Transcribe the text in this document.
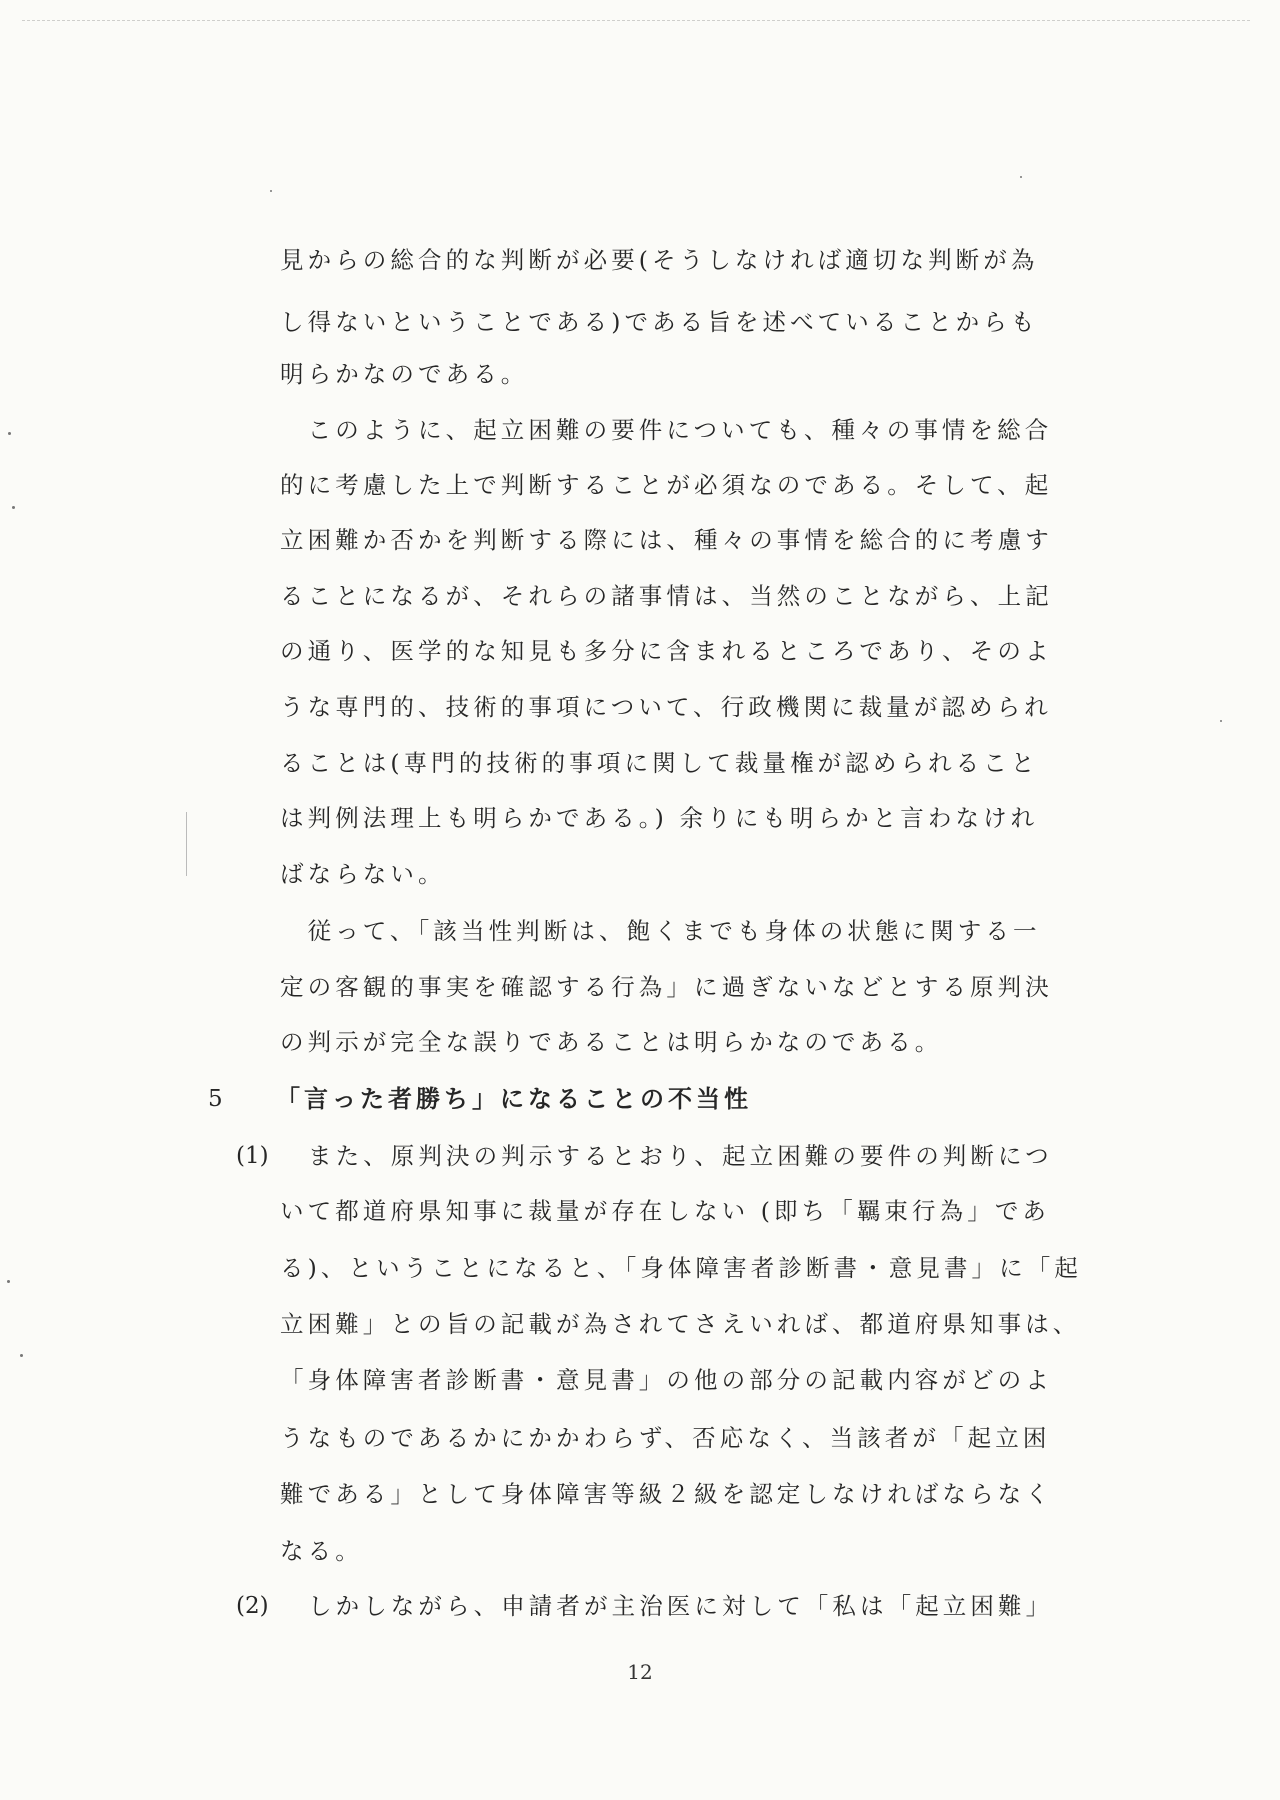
見からの総合的な判断が必要(そうしなければ適切な判断が為
し得ないということである)である旨を述べていることからも
明らかなのである。
　このように、起立困難の要件についても、種々の事情を総合
的に考慮した上で判断することが必須なのである。そして、起
立困難か否かを判断する際には、種々の事情を総合的に考慮す
ることになるが、それらの諸事情は、当然のことながら、上記
の通り、医学的な知見も多分に含まれるところであり、そのよ
うな専門的、技術的事項について、行政機関に裁量が認められ
ることは(専門的技術的事項に関して裁量権が認められること
は判例法理上も明らかである。) 余りにも明らかと言わなけれ
ばならない。
　従って、「該当性判断は、飽くまでも身体の状態に関する一
定の客観的事実を確認する行為」に過ぎないなどとする原判決
の判示が完全な誤りであることは明らかなのである。
5 「言った者勝ち」になることの不当性
(1) また、原判決の判示するとおり、起立困難の要件の判断につ
いて都道府県知事に裁量が存在しない (即ち「羈束行為」であ
る)、ということになると、「身体障害者診断書・意見書」に「起
立困難」との旨の記載が為されてさえいれば、都道府県知事は、
「身体障害者診断書・意見書」の他の部分の記載内容がどのよ
うなものであるかにかかわらず、否応なく、当該者が「起立困
難である」として身体障害等級２級を認定しなければならなく
なる。
(2) しかしながら、申請者が主治医に対して「私は「起立困難」
12
